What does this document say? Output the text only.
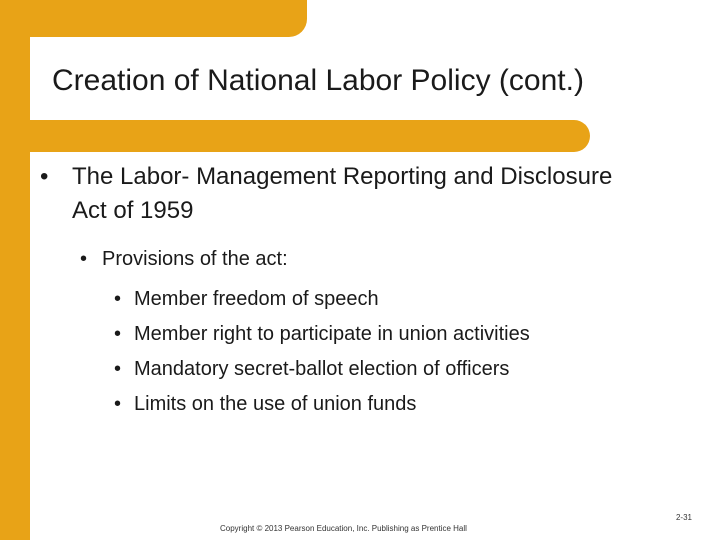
Creation of National Labor Policy (cont.)
• The Labor- Management Reporting and Disclosure Act of 1959
• Provisions of the act:
• Member freedom of speech
• Member right to participate in union activities
• Mandatory secret-ballot election of officers
• Limits on the use of union funds
Copyright © 2013 Pearson Education, Inc. Publishing as Prentice Hall
2-31
